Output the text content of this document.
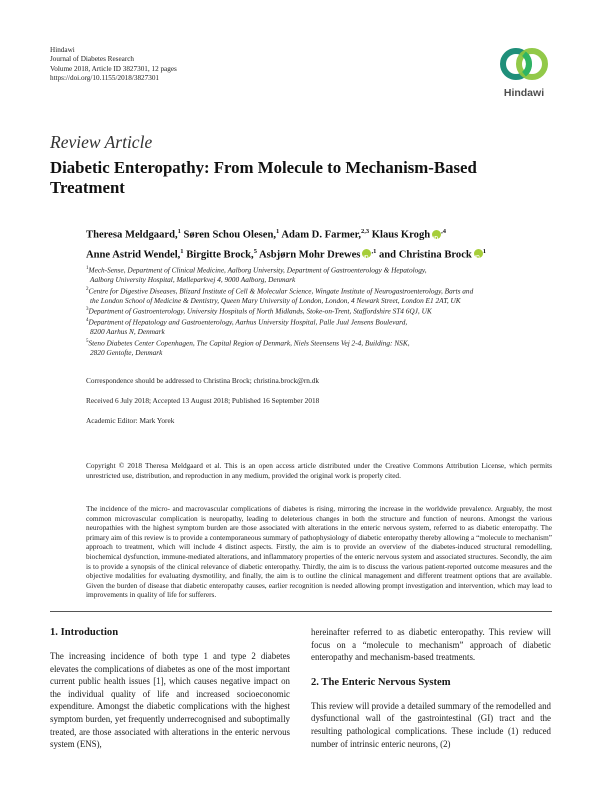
Hindawi
Journal of Diabetes Research
Volume 2018, Article ID 3827301, 12 pages
https://doi.org/10.1155/2018/3827301
Hindawi
Review Article
Diabetic Enteropathy: From Molecule to Mechanism-Based Treatment
Theresa Meldgaard,$^1$ Søren Schou Olesen,$^1$ Adam D. Farmer,$^{2,3}$ Klaus Krogh iD $^{,4}$
Anne Astrid Wendel,$^1$ Birgitte Brock,$^5$ Asbjørn Mohr Drewes iD $^{,1}$ and Christina Brock iD $^1$
$^1$Mech-Sense, Department of Clinical Medicine, Aalborg University, Department of Gastroenterology & Hepatology,
Aalborg University Hospital, Mølleparkvej 4, 9000 Aalborg, Denmark
$^2$Centre for Digestive Diseases, Blizard Institute of Cell & Molecular Science, Wingate Institute of Neurogastroenterology, Barts and
the London School of Medicine & Dentistry, Queen Mary University of London, London, 4 Newark Street, London E1 2AT, UK
$^3$Department of Gastroenterology, University Hospitals of North Midlands, Stoke-on-Trent, Staffordshire ST4 6QJ, UK
$^4$Department of Hepatology and Gastroenterology, Aarhus University Hospital, Palle Juul Jensens Boulevard,
8200 Aarhus N, Denmark
$^5$Steno Diabetes Center Copenhagen, The Capital Region of Denmark, Niels Steensens Vej 2-4, Building: NSK,
2820 Gentofte, Denmark
Correspondence should be addressed to Christina Brock; christina.brock@rn.dk
Received 6 July 2018; Accepted 13 August 2018; Published 16 September 2018
Academic Editor: Mark Yorek
Copyright © 2018 Theresa Meldgaard et al. This is an open access article distributed under the Creative Commons Attribution License, which permits unrestricted use, distribution, and reproduction in any medium, provided the original work is properly cited.
The incidence of the micro- and macrovascular complications of diabetes is rising, mirroring the increase in the worldwide prevalence. Arguably, the most common microvascular complication is neuropathy, leading to deleterious changes in both the structure and function of neurons. Amongst the various neuropathies with the highest symptom burden are those associated with alterations in the enteric nervous system, referred to as diabetic enteropathy. The primary aim of this review is to provide a contemporaneous summary of pathophysiology of diabetic enteropathy thereby allowing a “molecule to mechanism” approach to treatment, which will include 4 distinct aspects. Firstly, the aim is to provide an overview of the diabetes-induced structural remodelling, biochemical dysfunction, immune-mediated alterations, and inflammatory properties of the enteric nervous system and associated structures. Secondly, the aim is to provide a synopsis of the clinical relevance of diabetic enteropathy. Thirdly, the aim is to discuss the various patient-reported outcome measures and the objective modalities for evaluating dysmotility, and finally, the aim is to outline the clinical management and different treatment options that are available. Given the burden of disease that diabetic enteropathy causes, earlier recognition is needed allowing prompt investigation and intervention, which may lead to improvements in quality of life for sufferers.
1. Introduction

The increasing incidence of both type 1 and type 2 diabetes elevates the complications of diabetes as one of the most important current public health issues [1], which causes negative impact on the individual quality of life and increased socioeconomic expenditure. Amongst the diabetic complications with the highest symptom burden, yet frequently underrecognised and suboptimally treated, are those associated with alterations in the enteric nervous system (ENS),

hereinafter referred to as diabetic enteropathy. This review will focus on a “molecule to mechanism” approach of diabetic enteropathy and mechanism-based treatments.

2. The Enteric Nervous System

This review will provide a detailed summary of the remodelled and dysfunctional wall of the gastrointestinal (GI) tract and the resulting pathological complications. These include (1) reduced number of intrinsic enteric neurons, (2)
